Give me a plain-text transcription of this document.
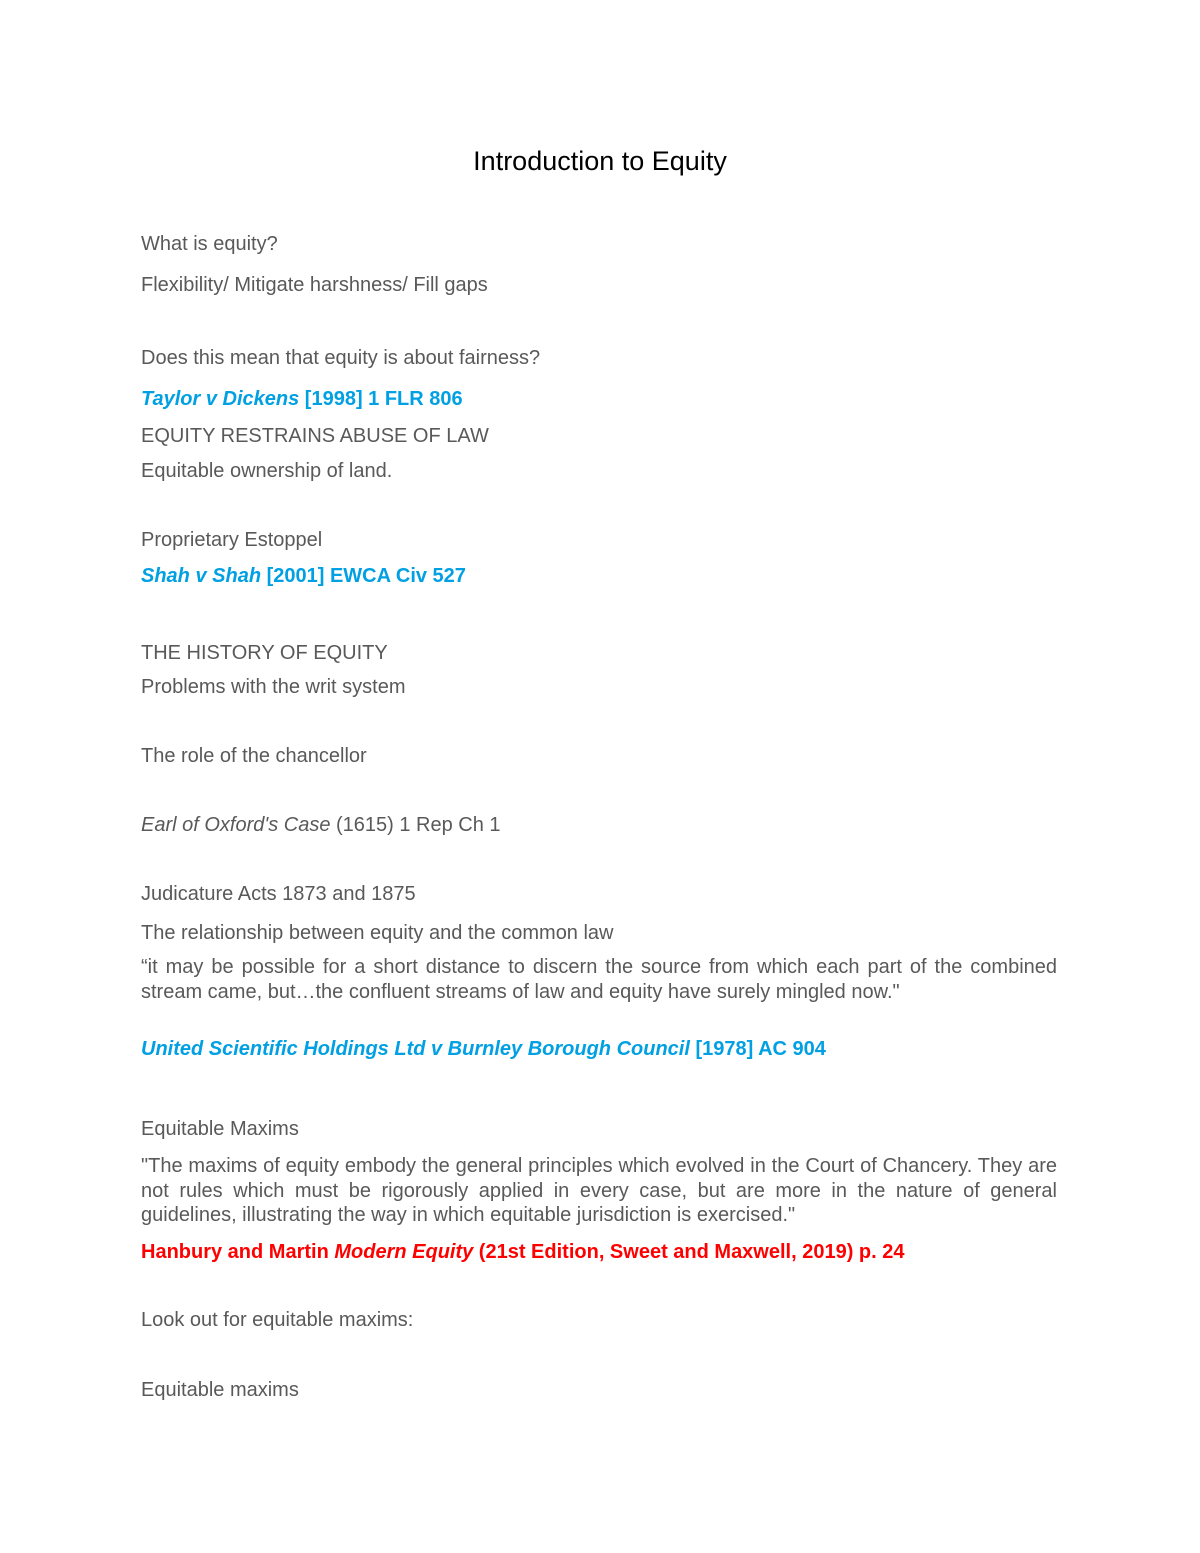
Introduction to Equity

What is equity?

Flexibility/ Mitigate harshness/ Fill gaps

Does this mean that equity is about fairness?

Taylor v Dickens [1998] 1 FLR 806

EQUITY RESTRAINS ABUSE OF LAW

Equitable ownership of land.

Proprietary Estoppel

Shah v Shah [2001] EWCA Civ 527

THE HISTORY OF EQUITY

Problems with the writ system

The role of the chancellor

Earl of Oxford's Case (1615) 1 Rep Ch 1

Judicature Acts 1873 and 1875

The relationship between equity and the common law

“it may be possible for a short distance to discern the source from which each part of the combined stream came, but…the confluent streams of law and equity have surely mingled now."

United Scientific Holdings Ltd v Burnley Borough Council [1978] AC 904

Equitable Maxims

"The maxims of equity embody the general principles which evolved in the Court of Chancery. They are not rules which must be rigorously applied in every case, but are more in the nature of general guidelines, illustrating the way in which equitable jurisdiction is exercised."

Hanbury and Martin Modern Equity (21st Edition, Sweet and Maxwell, 2019) p. 24

Look out for equitable maxims:

Equitable maxims
